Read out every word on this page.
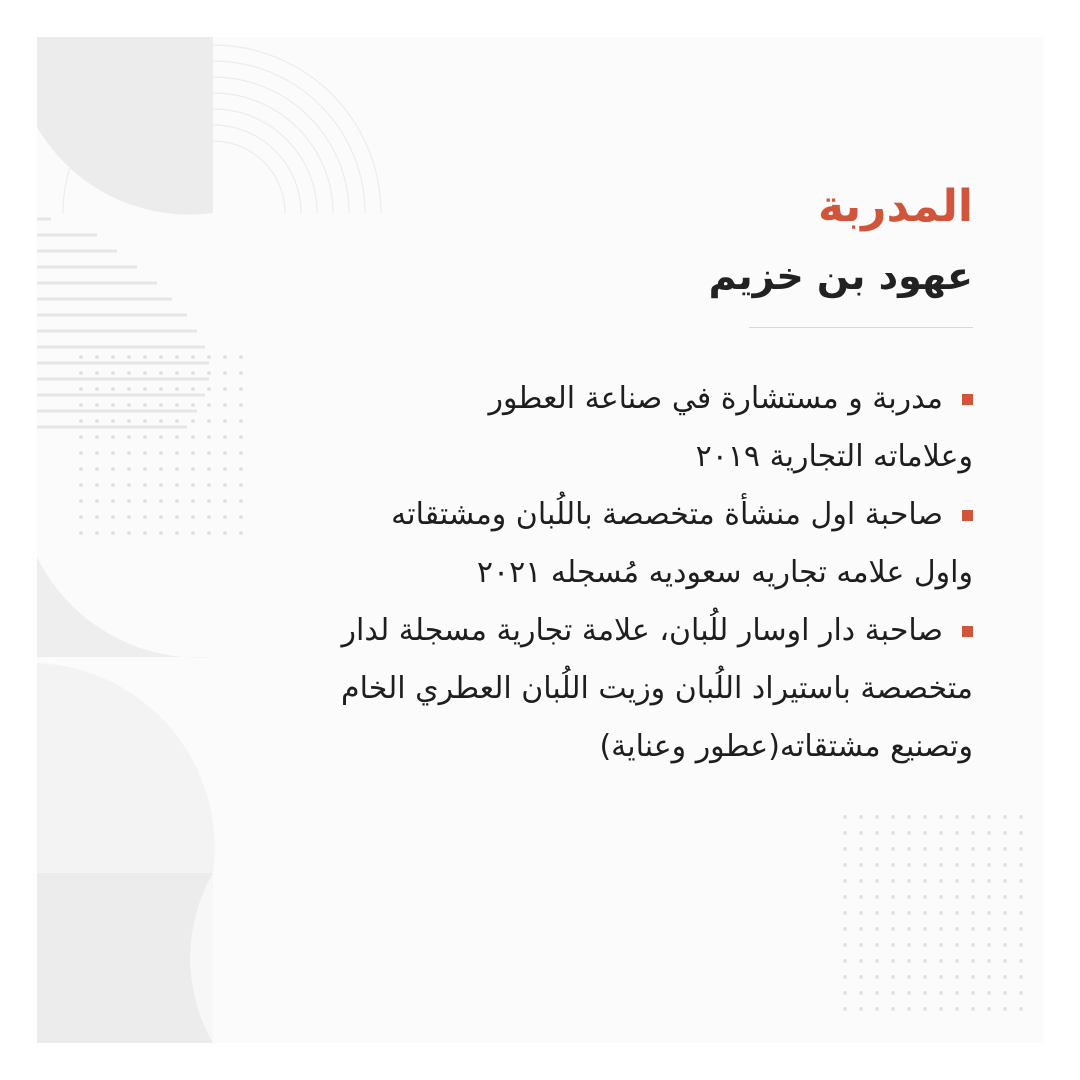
المدربة
عهود بن خزيم
مدربة و مستشارة في صناعة العطور
وعلاماته التجارية ٢٠١٩
صاحبة اول منشأة متخصصة باللُبان ومشتقاته
واول علامه تجاريه سعوديه مُسجله ٢٠٢١
صاحبة دار اوسار للُبان، علامة تجارية مسجلة لدار
متخصصة باستيراد اللُبان وزيت اللُبان العطري الخام
وتصنيع مشتقاته(عطور وعناية)
